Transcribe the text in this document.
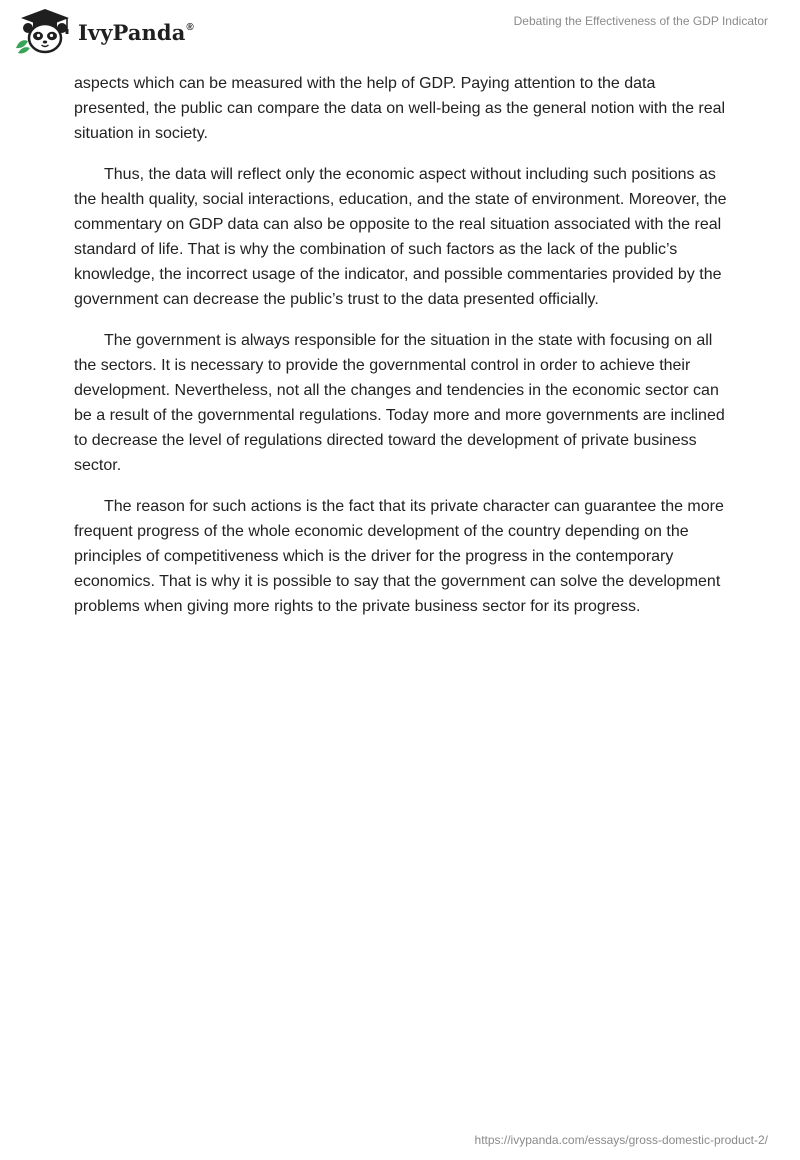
IvyPanda®	Debating the Effectiveness of the GDP Indicator

aspects which can be measured with the help of GDP. Paying attention to the data presented, the public can compare the data on well-being as the general notion with the real situation in society.

Thus, the data will reflect only the economic aspect without including such positions as the health quality, social interactions, education, and the state of environment. Moreover, the commentary on GDP data can also be opposite to the real situation associated with the real standard of life. That is why the combination of such factors as the lack of the public’s knowledge, the incorrect usage of the indicator, and possible commentaries provided by the government can decrease the public’s trust to the data presented officially.

The government is always responsible for the situation in the state with focusing on all the sectors. It is necessary to provide the governmental control in order to achieve their development. Nevertheless, not all the changes and tendencies in the economic sector can be a result of the governmental regulations. Today more and more governments are inclined to decrease the level of regulations directed toward the development of private business sector.

The reason for such actions is the fact that its private character can guarantee the more frequent progress of the whole economic development of the country depending on the principles of competitiveness which is the driver for the progress in the contemporary economics. That is why it is possible to say that the government can solve the development problems when giving more rights to the private business sector for its progress.

https://ivypanda.com/essays/gross-domestic-product-2/
